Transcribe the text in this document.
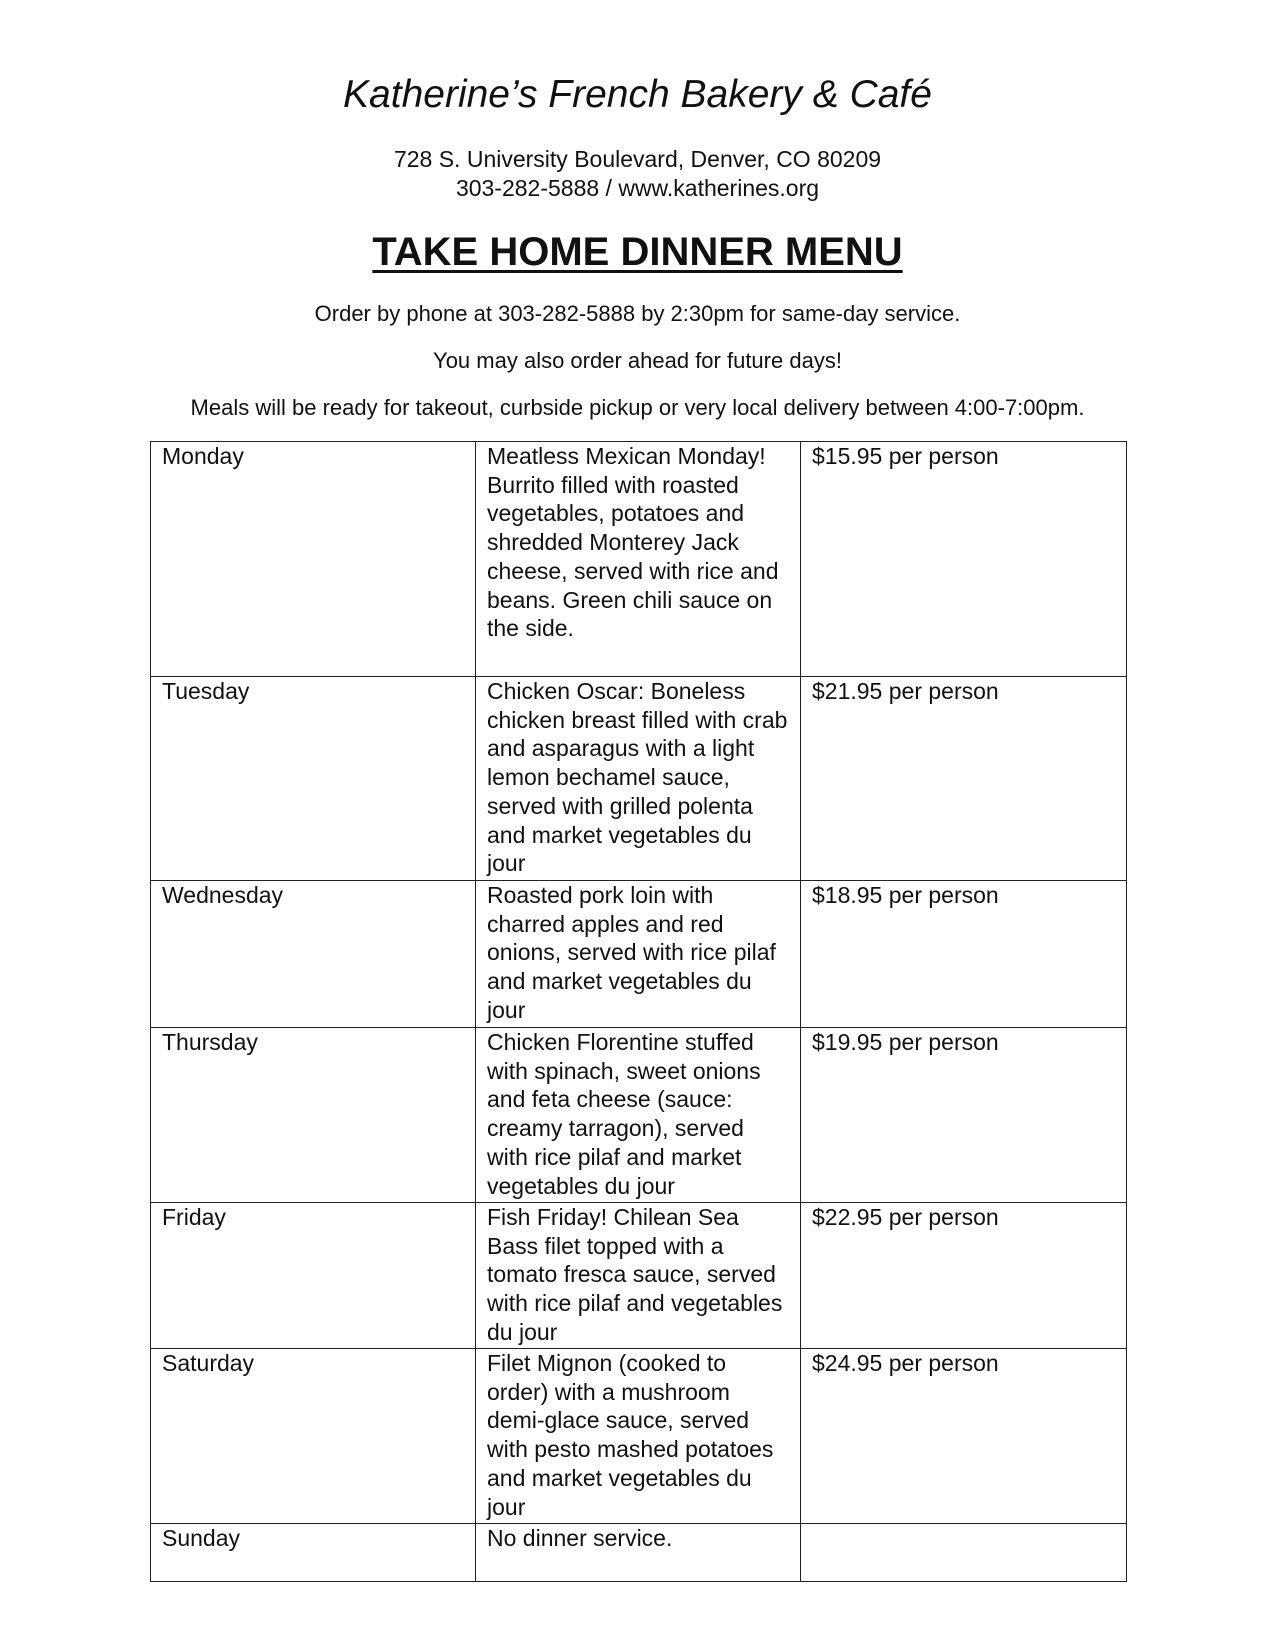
Katherine’s French Bakery & Café
728 S. University Boulevard, Denver, CO 80209
303-282-5888 / www.katherines.org
TAKE HOME DINNER MENU
Order by phone at 303-282-5888 by 2:30pm for same-day service.
You may also order ahead for future days!
Meals will be ready for takeout, curbside pickup or very local delivery between 4:00-7:00pm.
Monday	Meatless Mexican Monday! Burrito filled with roasted vegetables, potatoes and shredded Monterey Jack cheese, served with rice and beans. Green chili sauce on the side.	$15.95 per person
Tuesday	Chicken Oscar: Boneless chicken breast filled with crab and asparagus with a light lemon bechamel sauce, served with grilled polenta and market vegetables du jour	$21.95 per person
Wednesday	Roasted pork loin with charred apples and red onions, served with rice pilaf and market vegetables du jour	$18.95 per person
Thursday	Chicken Florentine stuffed with spinach, sweet onions and feta cheese (sauce: creamy tarragon), served with rice pilaf and market vegetables du jour	$19.95 per person
Friday	Fish Friday! Chilean Sea Bass filet topped with a tomato fresca sauce, served with rice pilaf and vegetables du jour	$22.95 per person
Saturday	Filet Mignon (cooked to order) with a mushroom demi-glace sauce, served with pesto mashed potatoes and market vegetables du jour	$24.95 per person
Sunday	No dinner service.	
